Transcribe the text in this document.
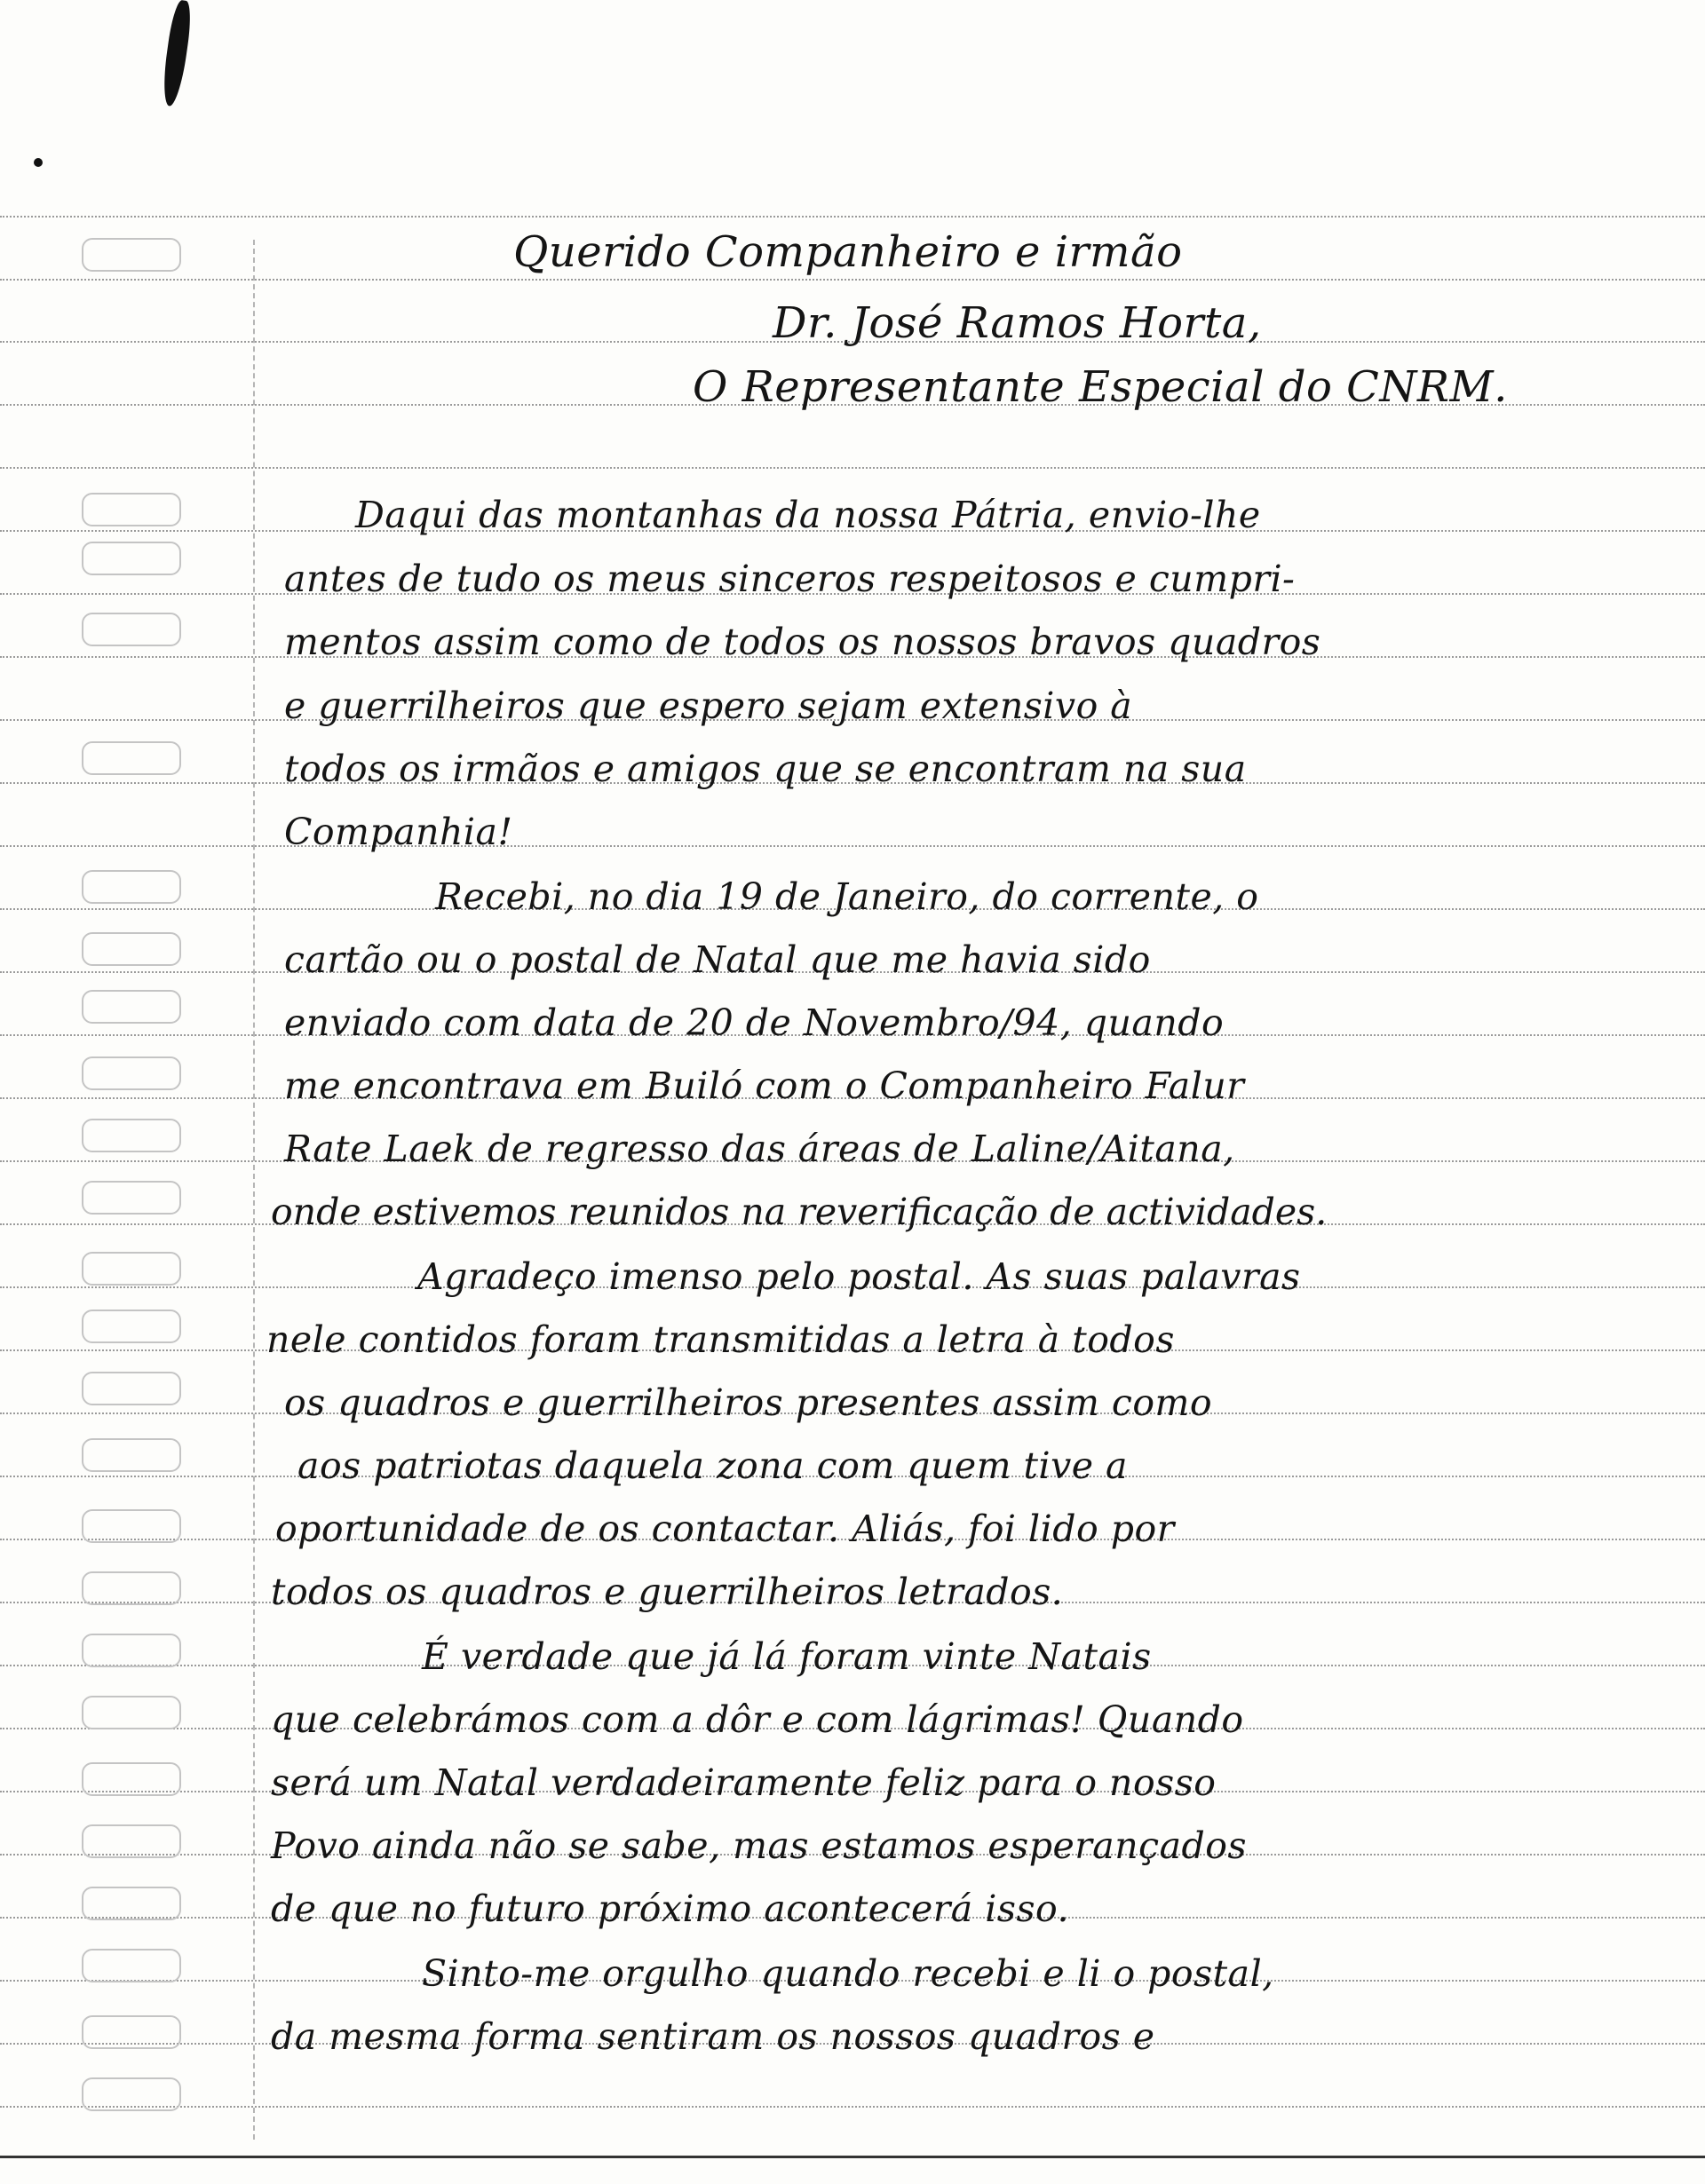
Querido Companheiro e irmão
Dr. José Ramos Horta,
O Representante Especial do CNRM.
Daqui das montanhas da nossa Pátria, envio-lhe
antes de tudo os meus sinceros respeitosos e cumpri-
mentos assim como de todos os nossos bravos quadros
e guerrilheiros que espero sejam extensivo à
todos os irmãos e amigos que se encontram na sua
Companhia!
Recebi, no dia 19 de Janeiro, do corrente, o
cartão ou o postal de Natal que me havia sido
enviado com data de 20 de Novembro/94, quando
me encontrava em Builó com o Companheiro Falur
Rate Laek de regresso das áreas de Laline/Aitana,
onde estivemos reunidos na reverificação de actividades.
Agradeço imenso pelo postal. As suas palavras
nele contidos foram transmitidas a letra à todos
os quadros e guerrilheiros presentes assim como
aos patriotas daquela zona com quem tive a
oportunidade de os contactar. Aliás, foi lido por
todos os quadros e guerrilheiros letrados.
É verdade que já lá foram vinte Natais
que celebrámos com a dôr e com lágrimas! Quando
será um Natal verdadeiramente feliz para o nosso
Povo ainda não se sabe, mas estamos esperançados
de que no futuro próximo acontecerá isso.
Sinto-me orgulho quando recebi e li o postal,
da mesma forma sentiram os nossos quadros e
